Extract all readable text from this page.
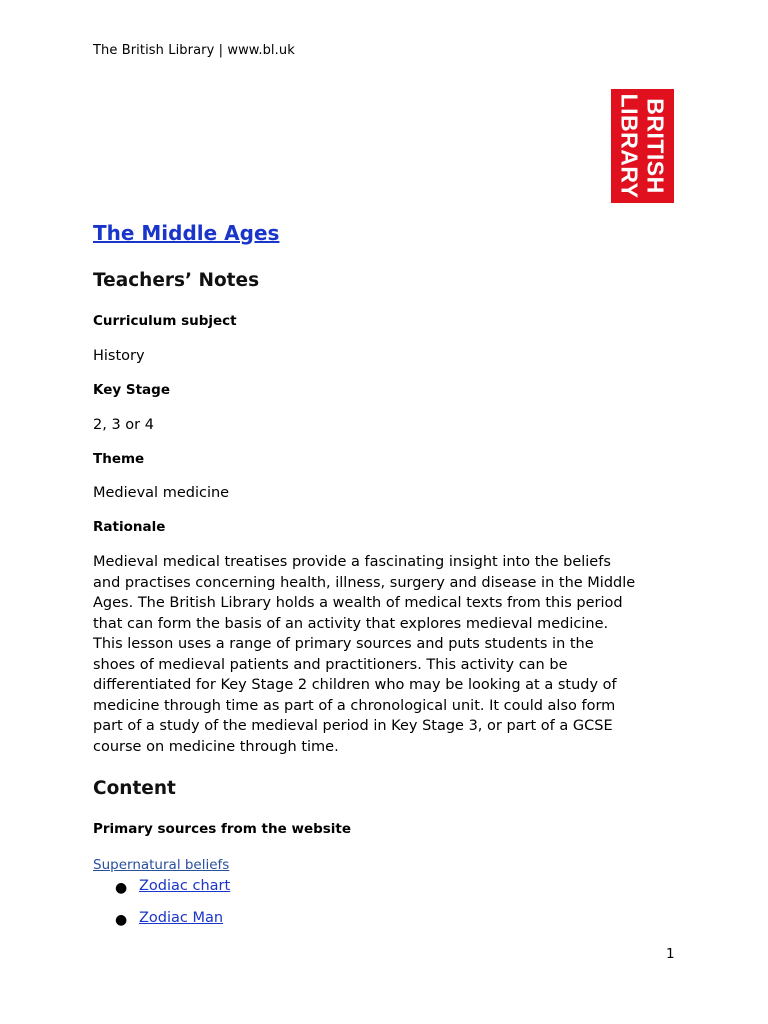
The British Library | www.bl.uk
BRITISH
LIBRARY
The Middle Ages
Teachers’ Notes
Curriculum subject
History
Key Stage
2, 3 or 4
Theme
Medieval medicine
Rationale
Medieval medical treatises provide a fascinating insight into the beliefs
and practises concerning health, illness, surgery and disease in the Middle
Ages. The British Library holds a wealth of medical texts from this period
that can form the basis of an activity that explores medieval medicine.
This lesson uses a range of primary sources and puts students in the
shoes of medieval patients and practitioners. This activity can be
differentiated for Key Stage 2 children who may be looking at a study of
medicine through time as part of a chronological unit. It could also form
part of a study of the medieval period in Key Stage 3, or part of a GCSE
course on medicine through time.
Content
Primary sources from the website
Supernatural beliefs
● Zodiac chart
● Zodiac Man
1
